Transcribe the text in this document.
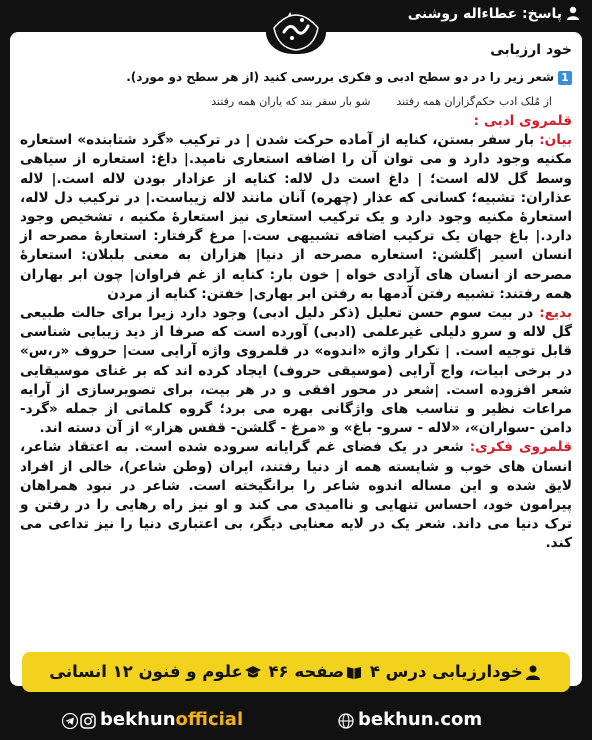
پاسخ: عطاءاله روشنی
خود ارزیابی
1شعر زیر را در دو سطح ادبی و فکری بررسی کنید (از هر سطح دو مورد).
از مُلک ادب حکم‌گزاران همه رفتند
شو بار سفر بند که یاران همه رفتند
قلمروی ادبی :

بیان: بار سفر بستن، کنایه از آماده حرکت شدن | در ترکیب «گرد شتابنده» استعاره مکنیه وجود دارد و می توان آن را اضافه استعاری نامید.| داغ: استعاره از سیاهی وسط گل لاله است؛ | داغ است دل لاله: کنایه از عزادار بودن لاله است.| لاله عذاران: تشبیه؛ کسانی که عذار (چهره) آنان مانند لاله زیباست.| در ترکیب دل لاله، استعارهٔ مکنیه وجود دارد و یک ترکیب استعاری نیز استعارهٔ مکنیه ، تشخیص وجود دارد.| باغ جهان یک ترکیب اضافه تشبیهی ست.| مرغ گرفتار: استعارهٔ مصرحه از انسان اسیر |گلشن: استعاره مصرحه از دنیا| هزاران به معنی بلبلان: استعارهٔ مصرحه از انسان های آزادی خواه | خون بار: کنایه از غم فراوان| چون ابر بهاران همه رفتند: تشبیه رفتن آدمها به رفتن ابر بهاری| خفتن: کنایه از مردن

بدیع: در بیت سوم حسن تعلیل (ذکر دلیل ادبی) وجود دارد زیرا برای حالت طبیعی گل لاله و سرو دلیلی غیرعلمی (ادبی) آورده است که صرفا از دید زیبایی شناسی قابل توجیه است. | تکرار واژه «اندوه» در قلمروی واژه آرایی ست| حروف «ر،س» در برخی ابیات، واج آرایی (موسیقی حروف) ایجاد کرده اند که بر غنای موسیقایی شعر افزوده است. |شعر در محور افقی و در هر بیت، برای تصویرسازی از آرایه مراعات نظیر و تناسب های واژگانی بهره می برد؛ گروه کلماتی از جمله «گرد- دامن -سواران»، «لاله - سرو- باغ» و «مرغ - گلشن- قفس هزار» از آن دسته اند.

قلمروی فکری: شعر در یک فضای غم گرایانه سروده شده است. به اعتقاد شاعر، انسان های خوب و شایسته همه از دنیا رفتند، ایران (وطن شاعر)، خالی از افراد لایق شده و این مساله اندوه شاعر را برانگیخته است. شاعر در نبود همراهان پیرامون خود، احساس تنهایی و ناامیدی می کند و او نیز راه رهایی را در رفتن و ترک دنیا می داند. شعر یک در لایه معنایی دیگر، بی اعتباری دنیا را نیز تداعی می کند.

خودارزیابی درس ۴ صفحه ۴۶ علوم و فنون ۱۲ انسانی
bekhunofficial	bekhun.com
